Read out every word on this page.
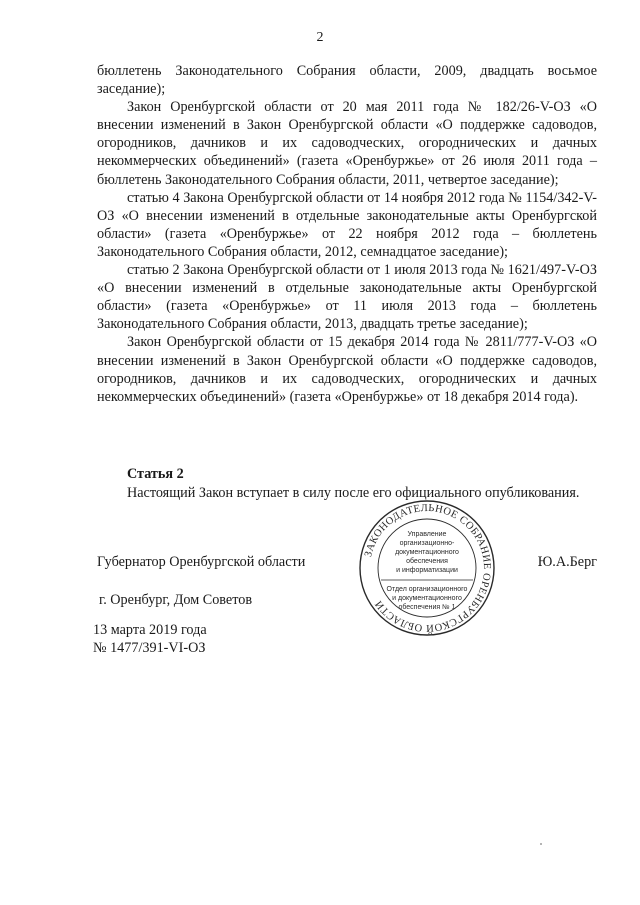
2

бюллетень Законодательного Собрания области, 2009, двадцать восьмое заседание);

Закон Оренбургской области от 20 мая 2011 года № 182/26-V-ОЗ «О внесении изменений в Закон Оренбургской области «О поддержке садоводов, огородников, дачников и их садоводческих, огороднических и дачных некоммерческих объединений» (газета «Оренбуржье» от 26 июля 2011 года – бюллетень Законодательного Собрания области, 2011, четвертое заседание);

статью 4 Закона Оренбургской области от 14 ноября 2012 года № 1154/342-V-ОЗ «О внесении изменений в отдельные законодательные акты Оренбургской области» (газета «Оренбуржье» от 22 ноября 2012 года – бюллетень Законодательного Собрания области, 2012, семнадцатое заседание);

статью 2 Закона Оренбургской области от 1 июля 2013 года № 1621/497-V-ОЗ «О внесении изменений в отдельные законодательные акты Оренбургской области» (газета «Оренбуржье» от 11 июля 2013 года – бюллетень Законодательного Собрания области, 2013, двадцать третье заседание);

Закон Оренбургской области от 15 декабря 2014 года № 2811/777-V-ОЗ «О внесении изменений в Закон Оренбургской области «О поддержке садоводов, огородников, дачников и их садоводческих, огороднических и дачных некоммерческих объединений» (газета «Оренбуржье» от 18 декабря 2014 года).

Статья 2

Настоящий Закон вступает в силу после его официального опубликования.

Губернатор Оренбургской области	Ю.А.Берг
г. Оренбург, Дом Советов
13 марта 2019 года
№ 1477/391-VI-ОЗ
ЗАКОНОДАТЕЛЬНОЕ СОБРАНИЕ ОРЕНБУРГСКОЙ ОБЛАСТИ
Управление
организационно-
документационного
обеспечения
и информатизации
Отдел организационного
и документационного
обеспечения № 1
